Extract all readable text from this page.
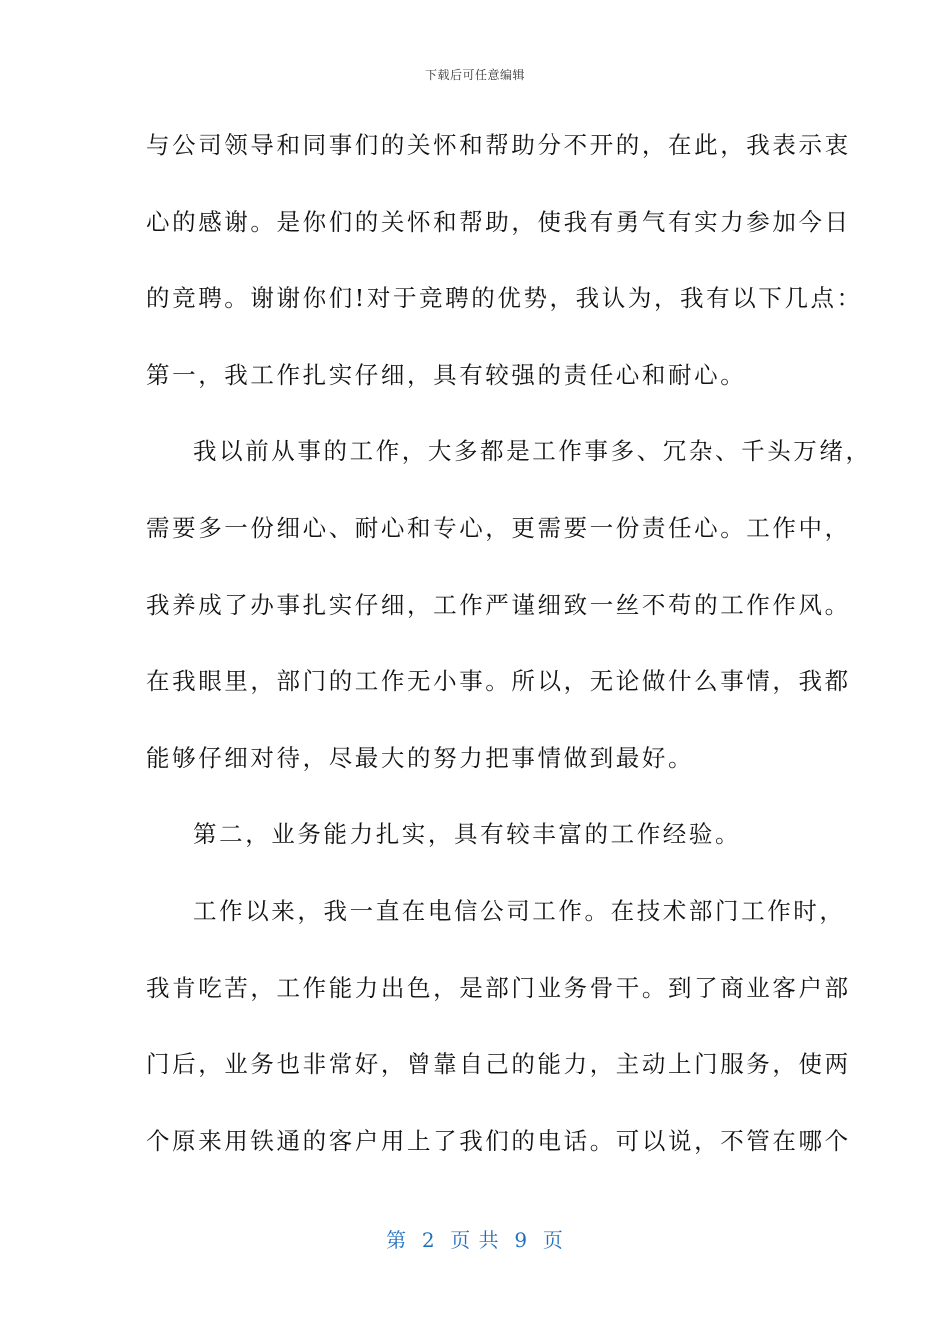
下载后可任意编辑
与公司领导和同事们的关怀和帮助分不开的，在此，我表示衷
心的感谢。是你们的关怀和帮助，使我有勇气有实力参加今日
的竞聘。谢谢你们!对于竞聘的优势，我认为，我有以下几点：
第一，我工作扎实仔细，具有较强的责任心和耐心。
我以前从事的工作，大多都是工作事多、冗杂、千头万绪，
需要多一份细心、耐心和专心，更需要一份责任心。工作中，
我养成了办事扎实仔细，工作严谨细致一丝不苟的工作作风。
在我眼里，部门的工作无小事。所以，无论做什么事情，我都
能够仔细对待，尽最大的努力把事情做到最好。
第二，业务能力扎实，具有较丰富的工作经验。
工作以来，我一直在电信公司工作。在技术部门工作时，
我肯吃苦，工作能力出色，是部门业务骨干。到了商业客户部
门后，业务也非常好，曾靠自己的能力，主动上门服务，使两
个原来用铁通的客户用上了我们的电话。可以说，不管在哪个
第  2  页 共  9  页
